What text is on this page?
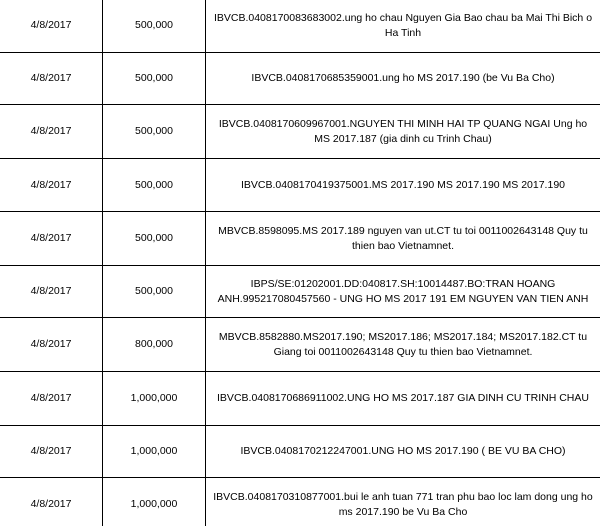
4/8/2017	500,000	IBVCB.0408170083683002.ung ho chau Nguyen Gia Bao chau ba Mai Thi Bich o Ha Tinh
4/8/2017	500,000	IBVCB.0408170685359001.ung ho MS 2017.190 (be Vu Ba Cho)
4/8/2017	500,000	IBVCB.0408170609967001.NGUYEN THI MINH HAI TP QUANG NGAI Ung ho MS 2017.187 (gia dinh cu Trinh Chau)
4/8/2017	500,000	IBVCB.0408170419375001.MS 2017.190 MS 2017.190 MS 2017.190
4/8/2017	500,000	MBVCB.8598095.MS 2017.189 nguyen van ut.CT tu toi 0011002643148 Quy tu thien bao Vietnamnet.
4/8/2017	500,000	IBPS/SE:01202001.DD:040817.SH:10014487.BO:TRAN HOANG ANH.995217080457560 - UNG HO MS 2017 191 EM NGUYEN VAN TIEN ANH
4/8/2017	800,000	MBVCB.8582880.MS2017.190; MS2017.186; MS2017.184; MS2017.182.CT tu Giang toi 0011002643148 Quy tu thien bao Vietnamnet.
4/8/2017	1,000,000	IBVCB.0408170686911002.UNG HO MS 2017.187 GIA DINH CU TRINH CHAU
4/8/2017	1,000,000	IBVCB.0408170212247001.UNG HO MS 2017.190 ( BE VU BA CHO)
4/8/2017	1,000,000	IBVCB.0408170310877001.bui le anh tuan 771 tran phu bao loc lam dong ung ho ms 2017.190 be Vu Ba Cho
